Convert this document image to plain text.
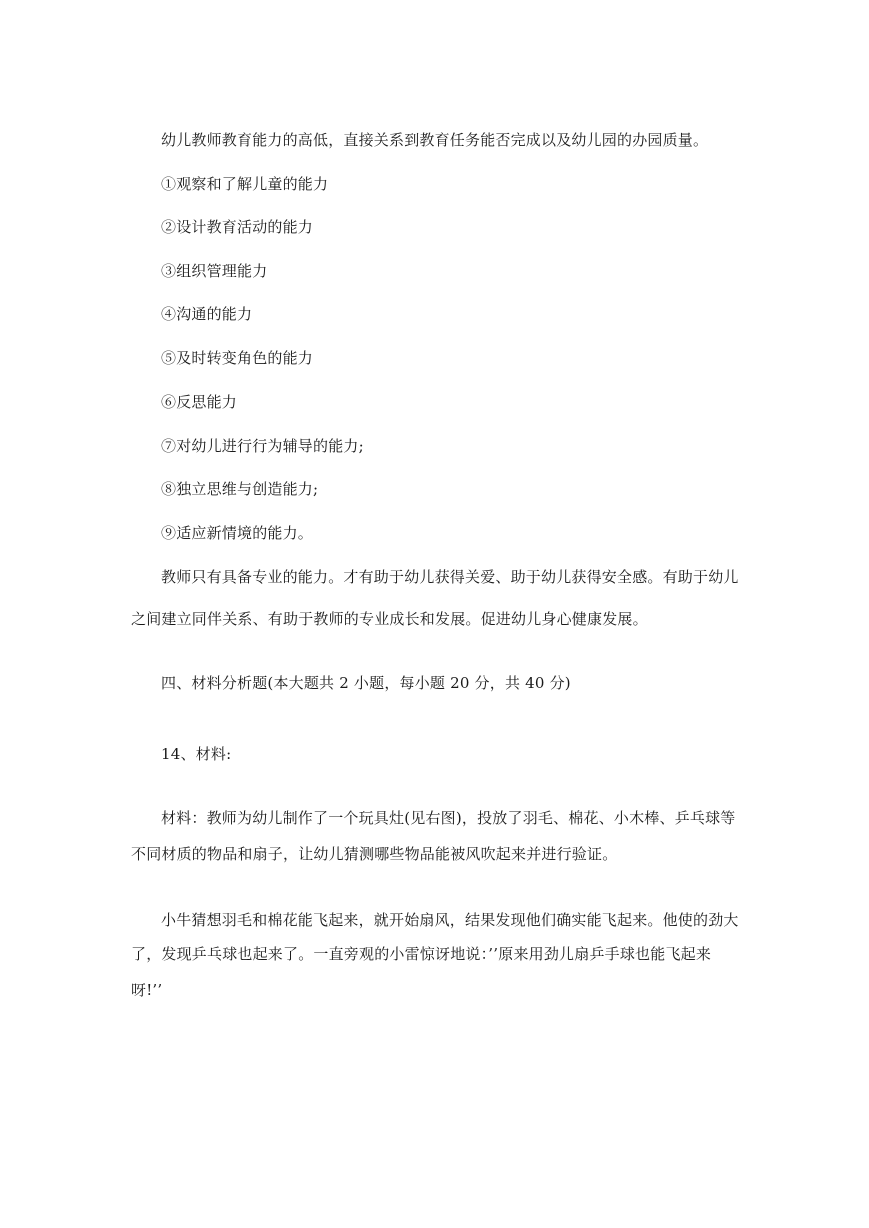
幼儿教师教育能力的高低，直接关系到教育任务能否完成以及幼儿园的办园质量。
①观察和了解儿童的能力
②设计教育活动的能力
③组织管理能力
④沟通的能力
⑤及时转变角色的能力
⑥反思能力
⑦对幼儿进行行为辅导的能力;
⑧独立思维与创造能力;
⑨适应新情境的能力。
教师只有具备专业的能力。才有助于幼儿获得关爱、助于幼儿获得安全感。有助于幼儿
之间建立同伴关系、有助于教师的专业成长和发展。促进幼儿身心健康发展。
四、材料分析题(本大题共 2 小题，每小题 20 分，共 40 分)
14、材料:
材料：教师为幼儿制作了一个玩具灶(见右图)，投放了羽毛、棉花、小木棒、乒乓球等
不同材质的物品和扇子，让幼儿猜测哪些物品能被风吹起来并进行验证。
小牛猜想羽毛和棉花能飞起来，就开始扇风，结果发现他们确实能飞起来。他使的劲大
了，发现乒乓球也起来了。一直旁观的小雷惊讶地说：’’原来用劲儿扇乒手球也能飞起来
呀!’’
